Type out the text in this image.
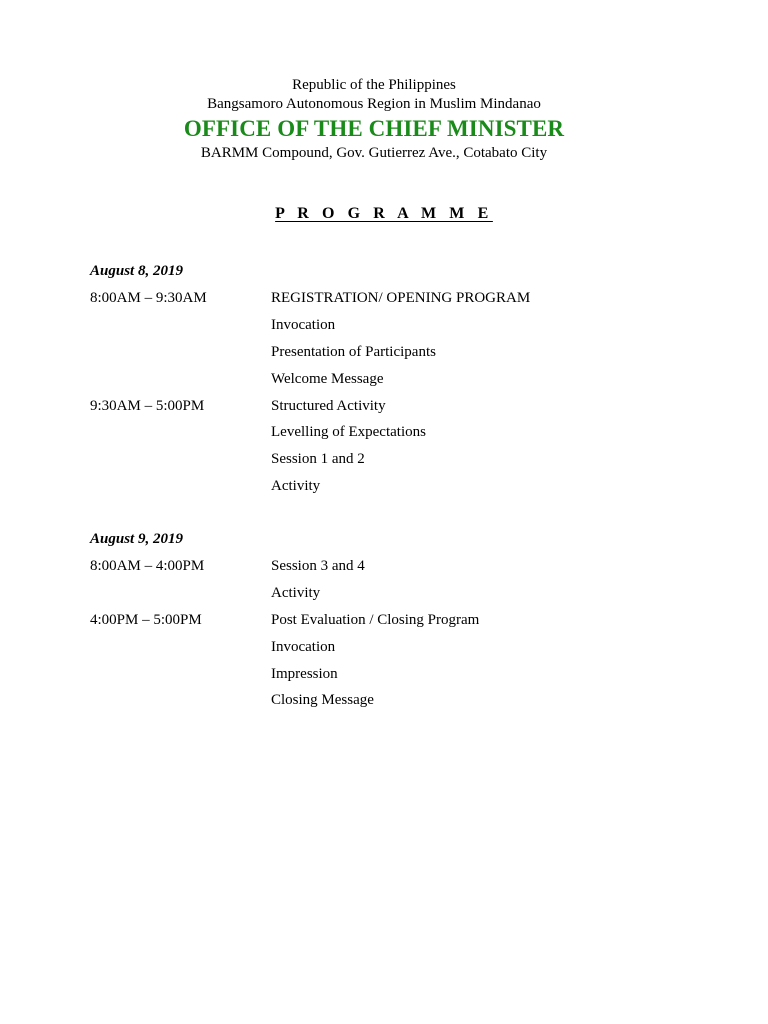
Republic of the Philippines
Bangsamoro Autonomous Region in Muslim Mindanao
OFFICE OF THE CHIEF MINISTER
BARMM Compound, Gov. Gutierrez Ave., Cotabato City
P R O G R A M M E
August 8, 2019
8:00AM – 9:30AM	REGISTRATION/ OPENING PROGRAM
Invocation
Presentation of Participants
Welcome Message
9:30AM – 5:00PM	Structured Activity
Levelling of Expectations
Session 1 and 2
Activity
August 9, 2019
8:00AM – 4:00PM	Session 3 and 4
Activity
4:00PM – 5:00PM	Post Evaluation / Closing Program
Invocation
Impression
Closing Message
